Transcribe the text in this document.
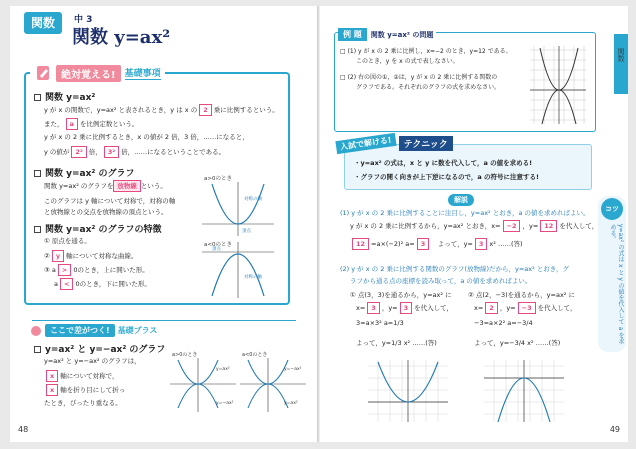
関数	中 3
関数 y=ax²
絶対覚える!	基礎事項
関数 y=ax²
y が x の関数で，y=ax² と表されるとき，y は x の 2 乗に比例するという。
また， a を比例定数という。
y が x の 2 乗に比例するとき，x の値が 2 倍，3 倍，……になると，
y の値が 2² 倍， 3² 倍，……になるということである。
関数 y=ax² のグラフ
関数 y=ax² のグラフを 放物線 という。
このグラフは y 軸について対称で，対称の軸
と放物線との交点を放物線の頂点という。
関数 y=ax² のグラフの特徴
① 原点を通る。
② y 軸について対称な曲線。
③ a > 0のとき，上に開いた形。
a < 0のとき，下に開いた形。
a>0のとき
対称の軸
頂点
a<0のとき
対称の軸
頂点
ここで差がつく!	基礎プラス
y=ax² と y=−ax² のグラフ
y=ax² と y=−ax² のグラフは，
x 軸について対称で，
x 軸を折り目にして折っ
たとき，ぴったり重なる。
a>0のとき
y=ax²
y=−ax²
a<0のとき
y=−ax²
y=ax²
48
関数
例 題	関数 y=ax² の問題
□ (1) y が x の 2 乗に比例し，x=−2 のとき，y=12 である。
このとき，y を x の式で表しなさい。
□ (2) 右の図の①，②は，y が x の 2 乗に比例する関数の
グラフである。それぞれのグラフの式を求めなさい。
入試で解ける!	テクニック
・y=ax² の式は，x と y に数を代入して，a の値を求める!
・グラフの開く向きが上下逆になるので，a の符号に注意する!
解説
(1) y が x の 2 乗に比例することに注目し，y=ax² とおき，a の値を求めればよい。
y が x の 2 乗に比例するから，y=ax² とおき，x= −2 ，y= 12 を代入して，
12 =a×(−2)² a= 3　 よって，y= 3 x² ……(答)
(2) y が x の 2 乗に比例する関数のグラフ(放物線)だから，y=ax² とおき，グ
ラフから通る点の座標を読み取って，a の値を求めればよい。
① 点(3，3)を通るから，y=ax² に
x= 3 ，y= 3 を代入して，
3=a×3² a=1/3
よって，y=1/3 x² ……(答)
② 点(2，−3)を通るから，y=ax² に
x= 2 ，y= −3 を代入して，
−3=a×2² a=−3/4
よって，y=−3/4 x² ……(答)
コツ
y=ax² の式は x と y の値を代入して a を求める。
49
